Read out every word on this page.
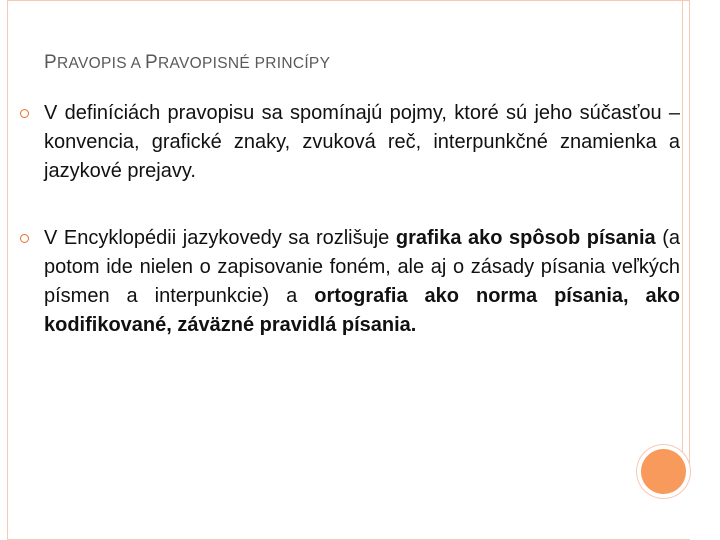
PRAVOPIS A PRAVOPISNÉ PRINCÍPY
V definíciách pravopisu sa spomínajú pojmy, ktoré sú jeho súčasťou – konvencia, grafické znaky, zvuková reč, interpunkčné znamienka a jazykové prejavy.
V Encyklopédii jazykovedy sa rozlišuje grafika ako spôsob písania (a potom ide nielen o zapisovanie foném, ale aj o zásady písania veľkých písmen a interpunkcie) a ortografia ako norma písania, ako kodifikované, záväzné pravidlá písania.
